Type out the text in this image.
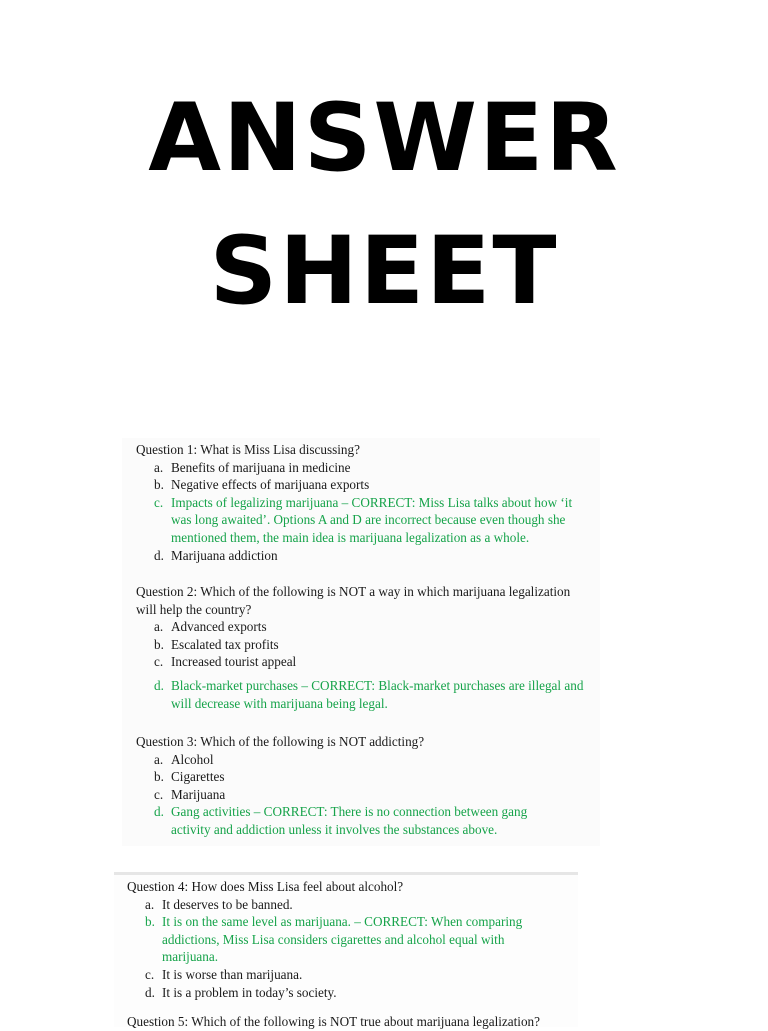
ANSWER
SHEET
Question 1: What is Miss Lisa discussing?
a. Benefits of marijuana in medicine
b. Negative effects of marijuana exports
c. Impacts of legalizing marijuana – CORRECT: Miss Lisa talks about how ‘it was long awaited’. Options A and D are incorrect because even though she mentioned them, the main idea is marijuana legalization as a whole.
d. Marijuana addiction
Question 2: Which of the following is NOT a way in which marijuana legalization will help the country?
a. Advanced exports
b. Escalated tax profits
c. Increased tourist appeal
d. Black-market purchases – CORRECT: Black-market purchases are illegal and will decrease with marijuana being legal.
Question 3: Which of the following is NOT addicting?
a. Alcohol
b. Cigarettes
c. Marijuana
d. Gang activities – CORRECT: There is no connection between gang activity and addiction unless it involves the substances above.
Question 4: How does Miss Lisa feel about alcohol?
a. It deserves to be banned.
b. It is on the same level as marijuana. – CORRECT: When comparing addictions, Miss Lisa considers cigarettes and alcohol equal with marijuana.
c. It is worse than marijuana.
d. It is a problem in today’s society.
Question 5: Which of the following is NOT true about marijuana legalization?
